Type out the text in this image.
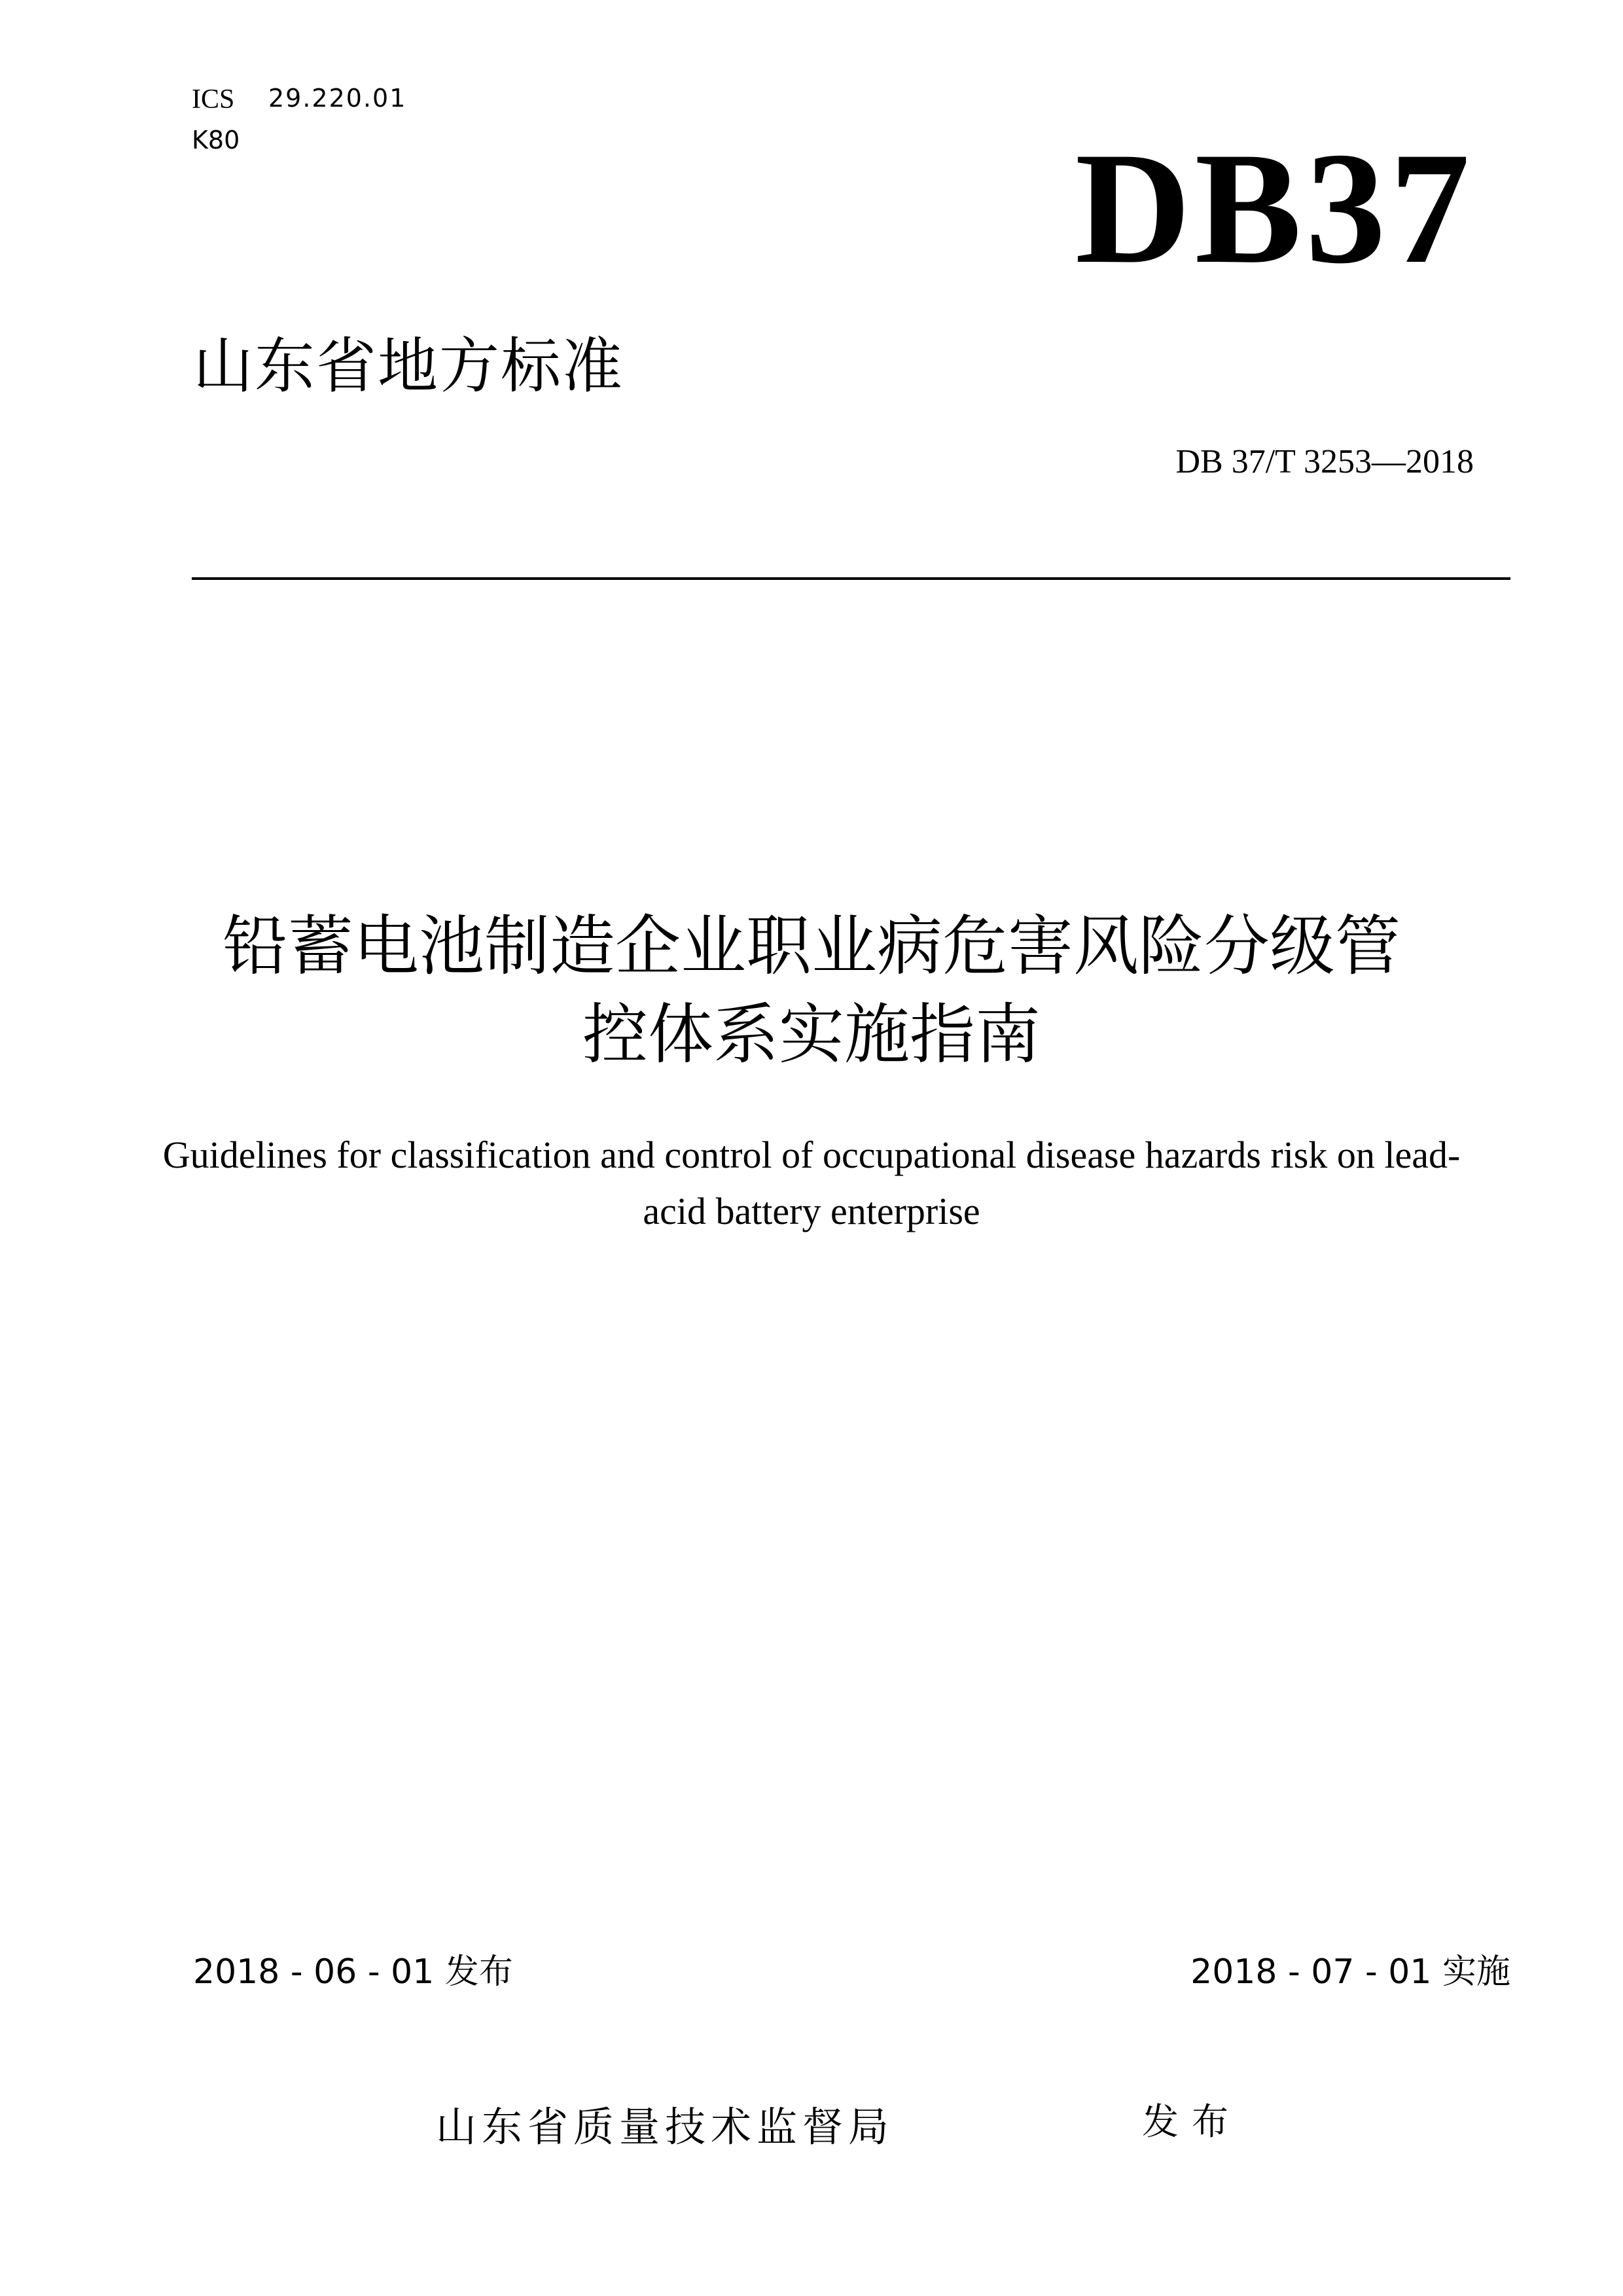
ICS 29.220.01
K80	DB37
山东省地方标准
DB 37/T 3253—2018
铅蓄电池制造企业职业病危害风险分级管
控体系实施指南
Guidelines for classification and control of occupational disease hazards risk on lead-
acid battery enterprise
2018 - 06 - 01 发布	2018 - 07 - 01 实施
山东省质量技术监督局	发布
